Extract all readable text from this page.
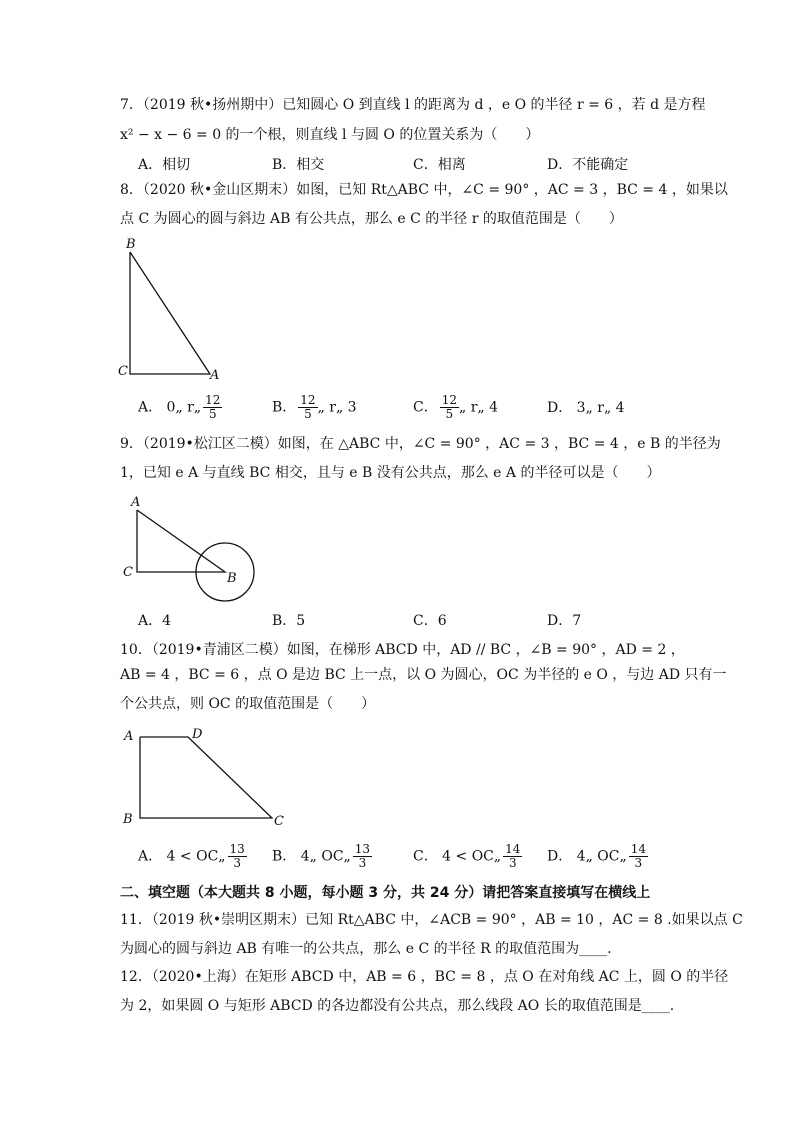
7．（2019 秋•扬州期中）已知圆心 O 到直线 l 的距离为 d ，e O 的半径 r = 6 ，若 d 是方程
x² − x − 6 = 0 的一个根，则直线 l 与圆 O 的位置关系为（　　）
A．相切	B．相交	C．相离	D．不能确定
8．（2020 秋•金山区期末）如图，已知 Rt△ABC 中，∠C = 90° ，AC = 3 ，BC = 4 ，如果以
点 C 为圆心的圆与斜边 AB 有公共点，那么 e C 的半径 r 的取值范围是（　　）
B
C	A
A． 0„ r„ $\frac{12}{5}$	B． $\frac{12}{5}$ „ r„ 3	C． $\frac{12}{5}$ „ r„ 4	D． 3„ r„ 4
9．（2019•松江区二模）如图，在 △ABC 中，∠C = 90° ，AC = 3 ，BC = 4 ，e B 的半径为
1，已知 e A 与直线 BC 相交，且与 e B 没有公共点，那么 e A 的半径可以是（　　）
A
C	B
A．4	B．5	C．6	D．7
10．（2019•青浦区二模）如图，在梯形 ABCD 中，AD // BC ，∠B = 90° ，AD = 2 ，
AB = 4 ，BC = 6 ，点 O 是边 BC 上一点，以 O 为圆心，OC 为半径的 e O ，与边 AD 只有一
个公共点，则 OC 的取值范围是（　　）
A	D
B	C
A． 4 < OC„ $\frac{13}{3}$ B． 4„ OC„ $\frac{13}{3}$	C． 4 < OC„ $\frac{14}{3}$ D． 4„ OC„ $\frac{14}{3}$
二、填空题（本大题共 8 小题，每小题 3 分，共 24 分）请把答案直接填写在横线上
11．（2019 秋•崇明区期末）已知 Rt△ABC 中，∠ACB = 90° ，AB = 10 ，AC = 8 .如果以点 C
为圆心的圆与斜边 AB 有唯一的公共点，那么 e C 的半径 R 的取值范围为____.
12．（2020•上海）在矩形 ABCD 中，AB = 6 ，BC = 8 ，点 O 在对角线 AC 上，圆 O 的半径
为 2，如果圆 O 与矩形 ABCD 的各边都没有公共点，那么线段 AO 长的取值范围是____.
